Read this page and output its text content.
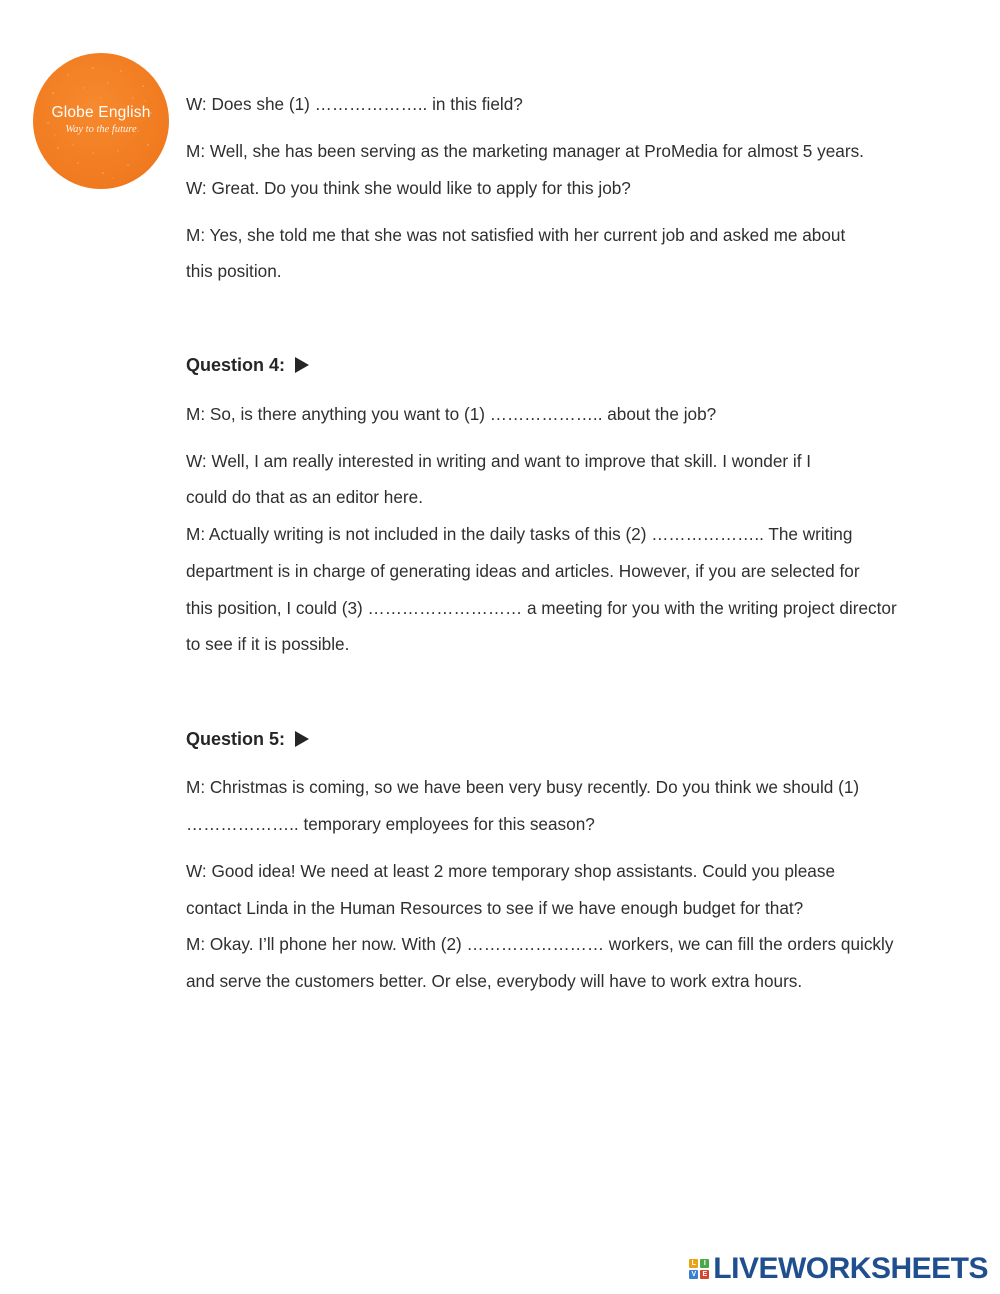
Globe English
Way to the future
W: Does she (1) ……………….. in this field?
M: Well, she has been serving as the marketing manager at ProMedia for almost 5 years.
W: Great. Do you think she would like to apply for this job?
M: Yes, she told me that she was not satisfied with her current job and asked me about
this position.
Question 4:
M: So, is there anything you want to (1) ……………….. about the job?
W: Well, I am really interested in writing and want to improve that skill. I wonder if I
could do that as an editor here.
M: Actually writing is not included in the daily tasks of this (2) ……………….. The writing
department is in charge of generating ideas and articles. However, if you are selected for
this position, I could (3) ……………………… a meeting for you with the writing project director
to see if it is possible.
Question 5:
M: Christmas is coming, so we have been very busy recently. Do you think we should (1)
……………….. temporary employees for this season?
W: Good idea! We need at least 2 more temporary shop assistants. Could you please
contact Linda in the Human Resources to see if we have enough budget for that?
M: Okay. I’ll phone her now. With (2) …………………… workers, we can fill the orders quickly
and serve the customers better. Or else, everybody will have to work extra hours.
L	I
V E LIVEWORKSHEETS
